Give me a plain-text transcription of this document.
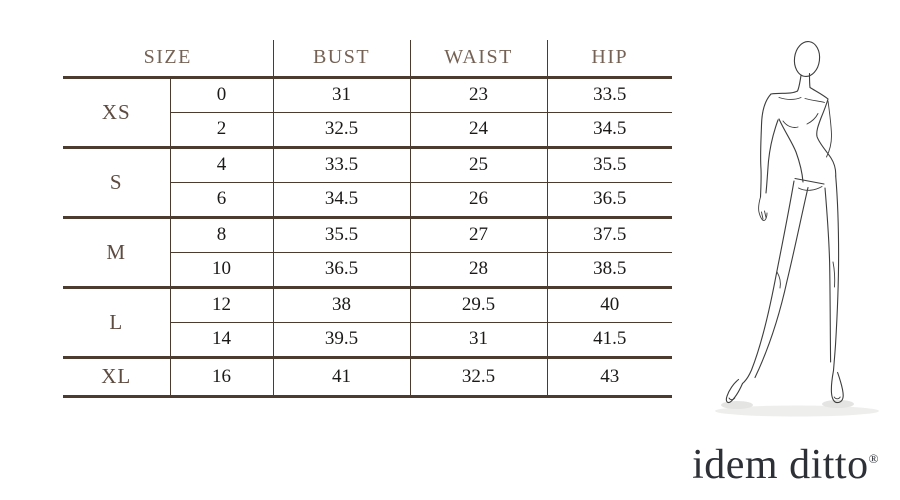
SIZE		BUST	WAIST	HIP
XS	0	31	23	33.5
	2	32.5	24	34.5
S	4	33.5	25	35.5
	6	34.5	26	36.5
M	8	35.5	27	37.5
	10	36.5	28	38.5
L	12	38	29.5	40
	14	39.5	31	41.5
XL	16	41	32.5	43
idem ditto®
